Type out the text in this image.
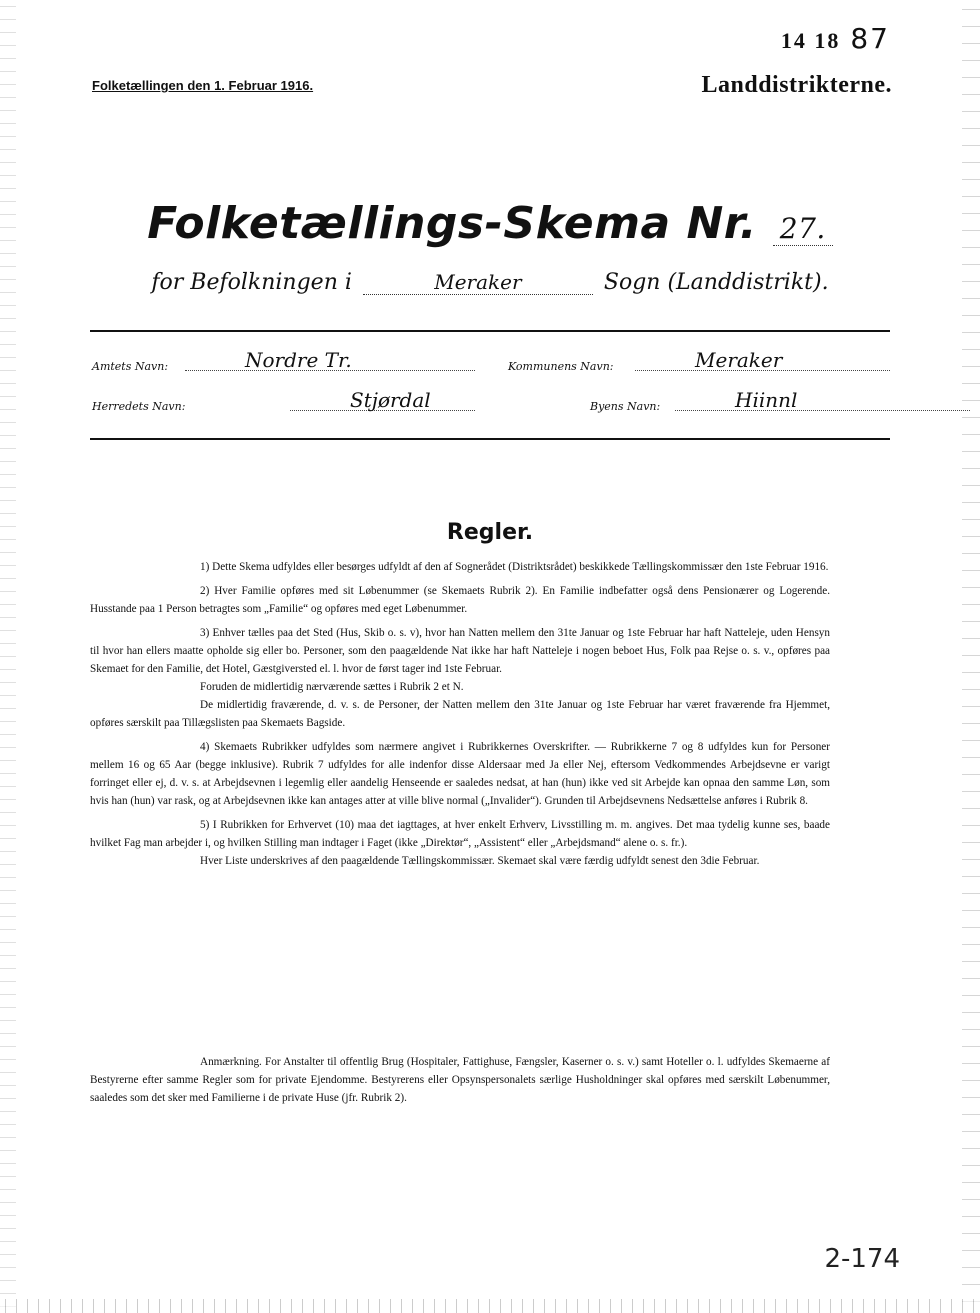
14 18 87
Folketællingen den 1. Februar 1916.	Landdistrikterne.
Folketællings-Skema Nr. 27.
for Befolkningen i	Meraker	Sogn (Landdistrikt).
Amtets Navn:	Nordre Tr.	Kommunens Navn:	Meraker
Herredets Navn:	Stjørdal	Byens Navn:	Hiinnl
Regler.

1) Dette Skema udfyldes eller besørges udfyldt af den af Sognerådet (Distriktsrådet) beskikkede Tællingskommissær den 1ste Februar 1916.

2) Hver Familie opføres med sit Løbenummer (se Skemaets Rubrik 2). En Familie indbefatter også dens Pensionærer og Logerende. Husstande paa 1 Person betragtes som „Familie“ og opføres med eget Løbenummer.

3) Enhver tælles paa det Sted (Hus, Skib o. s. v), hvor han Natten mellem den 31te Januar og 1ste Februar har haft Natteleje, uden Hensyn til hvor han ellers maatte opholde sig eller bo. Personer, som den paagældende Nat ikke har haft Natteleje i nogen beboet Hus, Folk paa Rejse o. s. v., opføres paa Skemaet for den Familie, det Hotel, Gæstgiversted el. l. hvor de først tager ind 1ste Februar.

Foruden de midlertidig nærværende sættes i Rubrik 2 et N.

De midlertidig fraværende, d. v. s. de Personer, der Natten mellem den 31te Januar og 1ste Februar har været fraværende fra Hjemmet, opføres særskilt paa Tillægslisten paa Skemaets Bagside.

4) Skemaets Rubrikker udfyldes som nærmere angivet i Rubrikkernes Overskrifter. — Rubrikkerne 7 og 8 udfyldes kun for Personer mellem 16 og 65 Aar (begge inklusive). Rubrik 7 udfyldes for alle indenfor disse Aldersaar med Ja eller Nej, eftersom Vedkommendes Arbejdsevne er varigt forringet eller ej, d. v. s. at Arbejdsevnen i legemlig eller aandelig Henseende er saaledes nedsat, at han (hun) ikke ved sit Arbejde kan opnaa den samme Løn, som hvis han (hun) var rask, og at Arbejdsevnen ikke kan antages atter at ville blive normal („Invalider“). Grunden til Arbejdsevnens Nedsættelse anføres i Rubrik 8.

5) I Rubrikken for Erhvervet (10) maa det iagttages, at hver enkelt Erhverv, Livsstilling m. m. angives. Det maa tydelig kunne ses, baade hvilket Fag man arbejder i, og hvilken Stilling man indtager i Faget (ikke „Direktør“, „Assistent“ eller „Arbejdsmand“ alene o. s. fr.).

Hver Liste underskrives af den paagældende Tællingskommissær. Skemaet skal være færdig udfyldt senest den 3die Februar.

Anmærkning. For Anstalter til offentlig Brug (Hospitaler, Fattighuse, Fængsler, Kaserner o. s. v.) samt Hoteller o. l. udfyldes Skemaerne af Bestyrerne efter samme Regler som for private Ejendomme. Bestyrerens eller Opsynspersonalets særlige Husholdninger skal opføres med særskilt Løbenummer, saaledes som det sker med Familierne i de private Huse (jfr. Rubrik 2).
2-174
